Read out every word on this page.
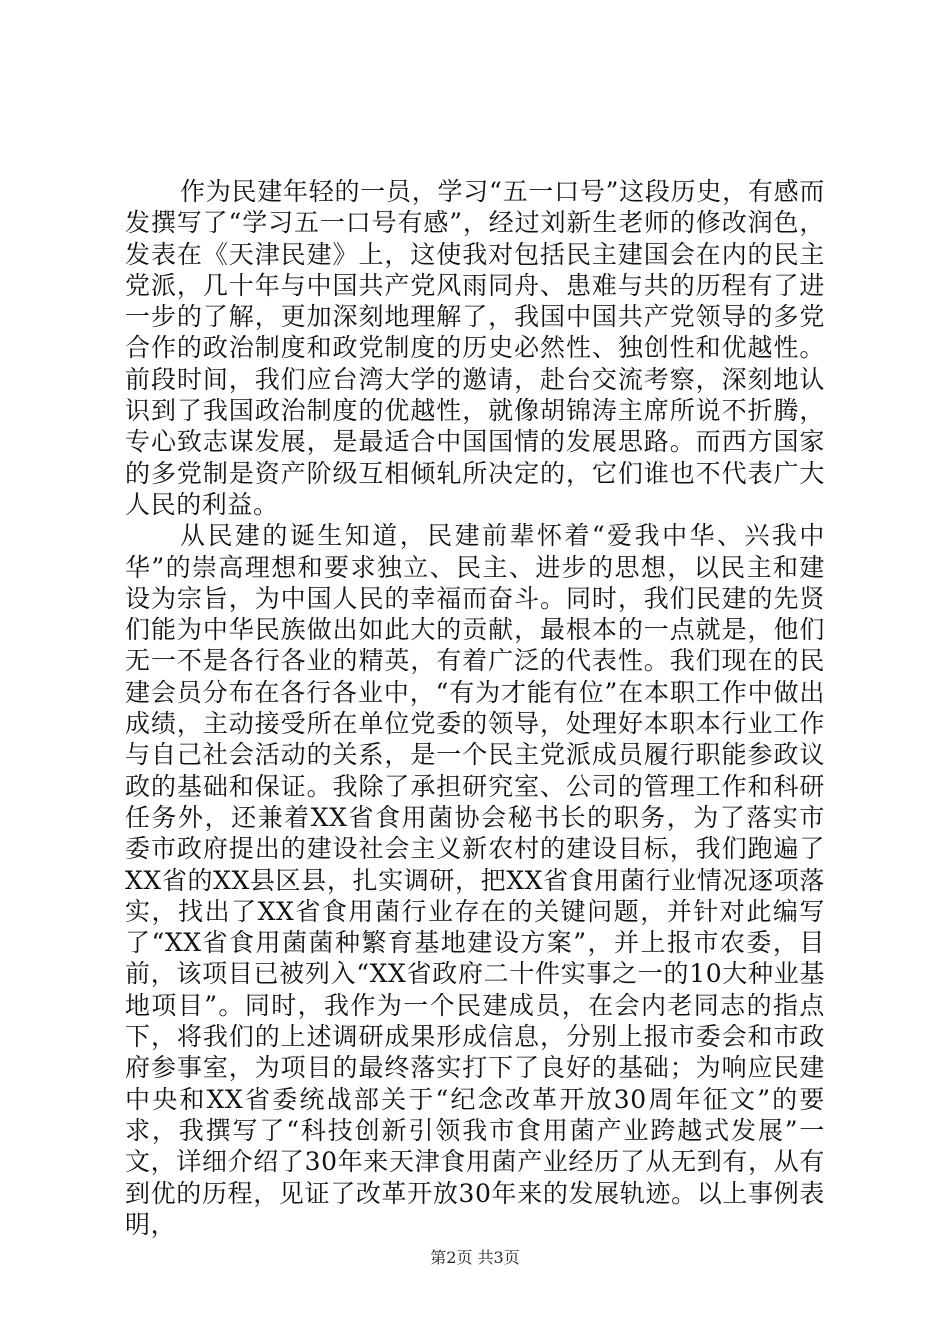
作为民建年轻的一员，学习“五一口号”这段历史，有感而发撰写了“学习五一口号有感”，经过刘新生老师的修改润色，发表在《天津民建》上，这使我对包括民主建国会在内的民主党派，几十年与中国共产党风雨同舟、患难与共的历程有了进一步的了解，更加深刻地理解了，我国中国共产党领导的多党合作的政治制度和政党制度的历史必然性、独创性和优越性。前段时间，我们应台湾大学的邀请，赴台交流考察，深刻地认识到了我国政治制度的优越性，就像胡锦涛主席所说不折腾，专心致志谋发展，是最适合中国国情的发展思路。而西方国家的多党制是资产阶级互相倾轧所决定的，它们谁也不代表广大人民的利益。

从民建的诞生知道，民建前辈怀着“爱我中华、兴我中华”的崇高理想和要求独立、民主、进步的思想，以民主和建设为宗旨，为中国人民的幸福而奋斗。同时，我们民建的先贤们能为中华民族做出如此大的贡献，最根本的一点就是，他们无一不是各行各业的精英，有着广泛的代表性。我们现在的民建会员分布在各行各业中，“有为才能有位”在本职工作中做出成绩，主动接受所在单位党委的领导，处理好本职本行业工作与自己社会活动的关系，是一个民主党派成员履行职能参政议政的基础和保证。我除了承担研究室、公司的管理工作和科研任务外，还兼着XX省食用菌协会秘书长的职务，为了落实市委市政府提出的建设社会主义新农村的建设目标，我们跑遍了XX省的XX县区县，扎实调研，把XX省食用菌行业情况逐项落实，找出了XX省食用菌行业存在的关键问题，并针对此编写了“XX省食用菌菌种繁育基地建设方案”，并上报市农委，目前，该项目已被列入“XX省政府二十件实事之一的10大种业基地项目”。同时，我作为一个民建成员，在会内老同志的指点下，将我们的上述调研成果形成信息，分别上报市委会和市政府参事室，为项目的最终落实打下了良好的基础；为响应民建中央和XX省委统战部关于“纪念改革开放30周年征文”的要求，我撰写了“科技创新引领我市食用菌产业跨越式发展”一文，详细介绍了30年来天津食用菌产业经历了从无到有，从有到优的历程，见证了改革开放30年来的发展轨迹。以上事例表明，

第2页 共3页
